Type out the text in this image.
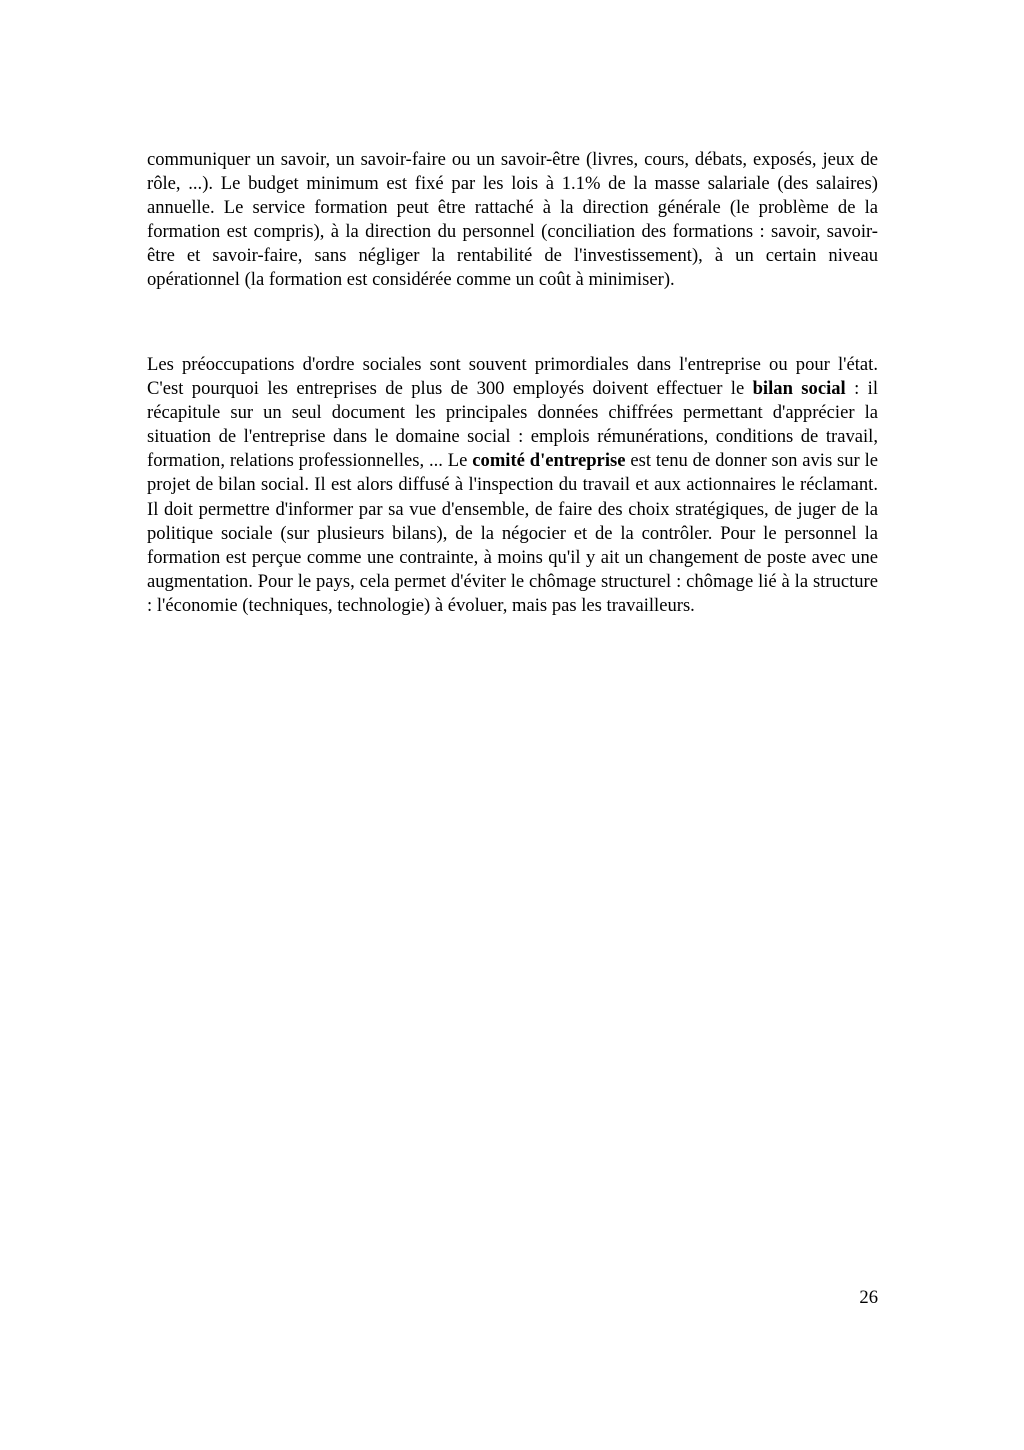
communiquer un savoir, un savoir-faire ou un savoir-être (livres, cours, débats, exposés, jeux de rôle, ...). Le budget minimum est fixé par les lois à 1.1% de la masse salariale (des salaires) annuelle. Le service formation peut être rattaché à la direction générale (le problème de la formation est compris), à la direction du personnel (conciliation des formations : savoir, savoir-être et savoir-faire, sans négliger la rentabilité de l'investissement), à un certain niveau opérationnel (la formation est considérée comme un coût à minimiser).

Les préoccupations d'ordre sociales sont souvent primordiales dans l'entreprise ou pour l'état. C'est pourquoi les entreprises de plus de 300 employés doivent effectuer le bilan social : il récapitule sur un seul document les principales données chiffrées permettant d'apprécier la situation de l'entreprise dans le domaine social : emplois rémunérations, conditions de travail, formation, relations professionnelles, ... Le comité d'entreprise est tenu de donner son avis sur le projet de bilan social. Il est alors diffusé à l'inspection du travail et aux actionnaires le réclamant. Il doit permettre d'informer par sa vue d'ensemble, de faire des choix stratégiques, de juger de la politique sociale (sur plusieurs bilans), de la négocier et de la contrôler. Pour le personnel la formation est perçue comme une contrainte, à moins qu'il y ait un changement de poste avec une augmentation. Pour le pays, cela permet d'éviter le chômage structurel : chômage lié à la structure : l'économie (techniques, technologie) à évoluer, mais pas les travailleurs.

26
